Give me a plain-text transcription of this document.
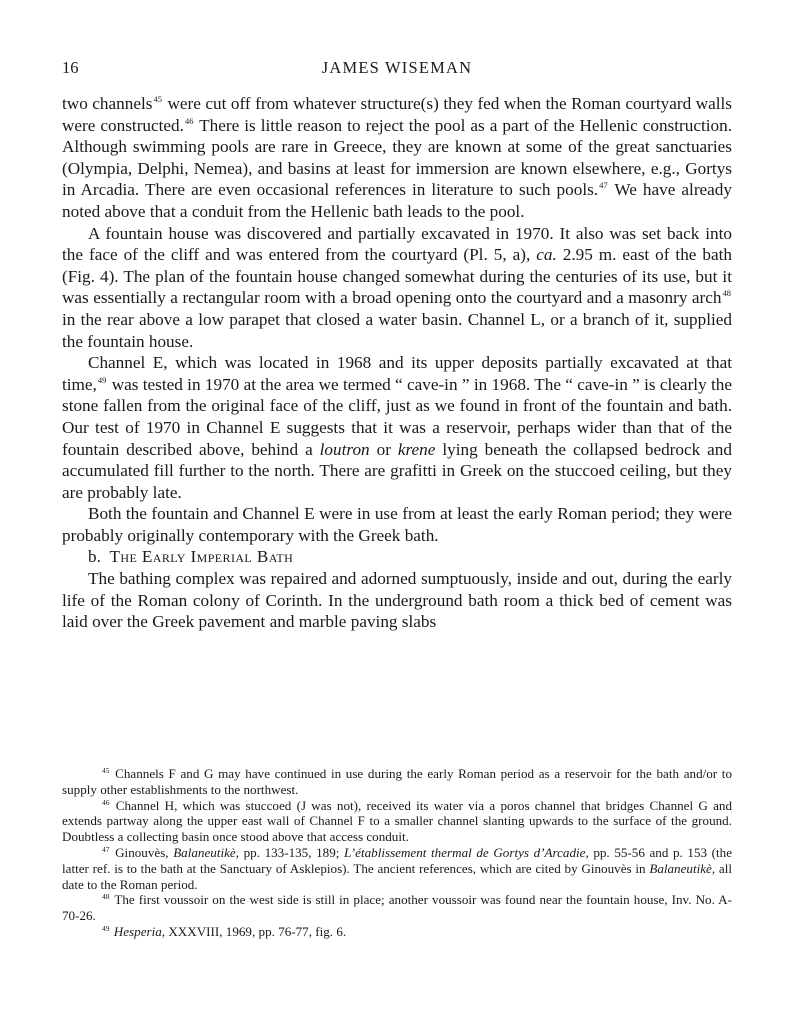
16	JAMES WISEMAN

two channels$^{45}$ were cut off from whatever structure(s) they fed when the Roman courtyard walls were constructed.$^{46}$ There is little reason to reject the pool as a part of the Hellenic construction. Although swimming pools are rare in Greece, they are known at some of the great sanctuaries (Olympia, Delphi, Nemea), and basins at least for immersion are known elsewhere, e.g., Gortys in Arcadia. There are even occasional references in literature to such pools.$^{47}$ We have already noted above that a conduit from the Hellenic bath leads to the pool.

A fountain house was discovered and partially excavated in 1970. It also was set back into the face of the cliff and was entered from the courtyard (Pl. 5, a), ca. 2.95 m. east of the bath (Fig. 4). The plan of the fountain house changed somewhat during the centuries of its use, but it was essentially a rectangular room with a broad opening onto the courtyard and a masonry arch$^{48}$ in the rear above a low parapet that closed a water basin. Channel L, or a branch of it, supplied the fountain house.

Channel E, which was located in 1968 and its upper deposits partially excavated at that time,$^{49}$ was tested in 1970 at the area we termed “ cave-in ” in 1968. The “ cave-in ” is clearly the stone fallen from the original face of the cliff, just as we found in front of the fountain and bath. Our test of 1970 in Channel E suggests that it was a reservoir, perhaps wider than that of the fountain described above, behind a loutron or krene lying beneath the collapsed bedrock and accumulated fill further to the north. There are grafitti in Greek on the stuccoed ceiling, but they are probably late.

Both the fountain and Channel E were in use from at least the early Roman period; they were probably originally contemporary with the Greek bath.

b. The Early Imperial Bath

The bathing complex was repaired and adorned sumptuously, inside and out, during the early life of the Roman colony of Corinth. In the underground bath room a thick bed of cement was laid over the Greek pavement and marble paving slabs

$^{45}$ Channels F and G may have continued in use during the early Roman period as a reservoir for the bath and/or to supply other establishments to the northwest.

$^{46}$ Channel H, which was stuccoed (J was not), received its water via a poros channel that bridges Channel G and extends partway along the upper east wall of Channel F to a smaller channel slanting upwards to the surface of the ground. Doubtless a collecting basin once stood above that access conduit.

$^{47}$ Ginouvès, Balaneutikè, pp. 133-135, 189; L’établissement thermal de Gortys d’Arcadie, pp. 55-56 and p. 153 (the latter ref. is to the bath at the Sanctuary of Asklepios). The ancient references, which are cited by Ginouvès in Balaneutikè, all date to the Roman period.

$^{48}$ The first voussoir on the west side is still in place; another voussoir was found near the fountain house, Inv. No. A-70-26.

$^{49}$ Hesperia, XXXVIII, 1969, pp. 76-77, fig. 6.
